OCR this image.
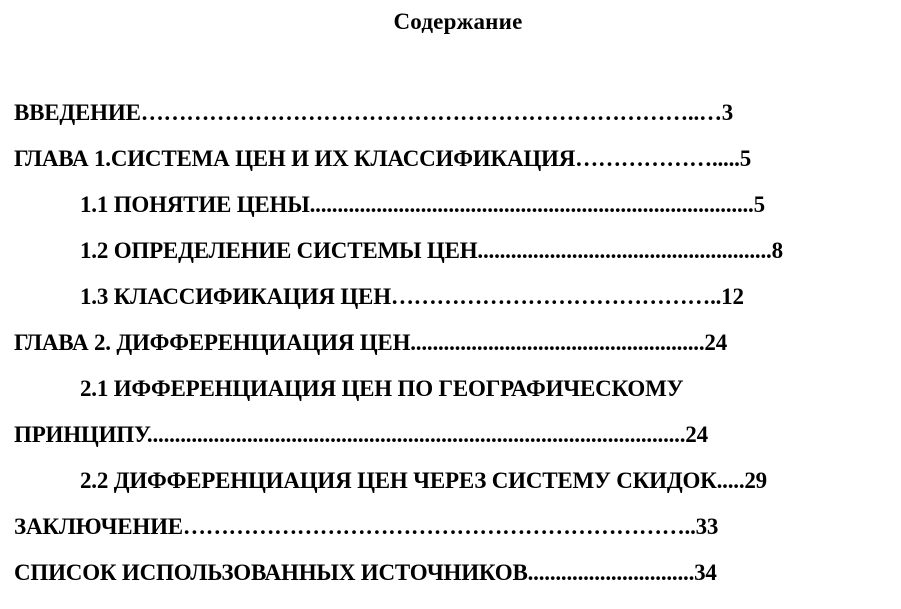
Содержание
ВВЕДЕНИЕ………………………………………………………………..…3
ГЛАВА 1.СИСТЕМА ЦЕН И ИХ КЛАССИФИКАЦИЯ……………….....5
1.1 ПОНЯТИЕ ЦЕНЫ................................................................................5
1.2 ОПРЕДЕЛЕНИЕ СИСТЕМЫ ЦЕН.....................................................8
1.3 КЛАССИФИКАЦИЯ ЦЕН……………………………………..12
ГЛАВА 2. ДИФФЕРЕНЦИАЦИЯ ЦЕН.....................................................24
2.1 ИФФЕРЕНЦИАЦИЯ ЦЕН ПО ГЕОГРАФИЧЕСКОМУ
ПРИНЦИПУ.................................................................................................24
2.2 ДИФФЕРЕНЦИАЦИЯ ЦЕН ЧЕРЕЗ СИСТЕМУ СКИДОК.....29
ЗАКЛЮЧЕНИЕ…………………………………………………………..33
СПИСОК ИСПОЛЬЗОВАННЫХ ИСТОЧНИКОВ..............................34
